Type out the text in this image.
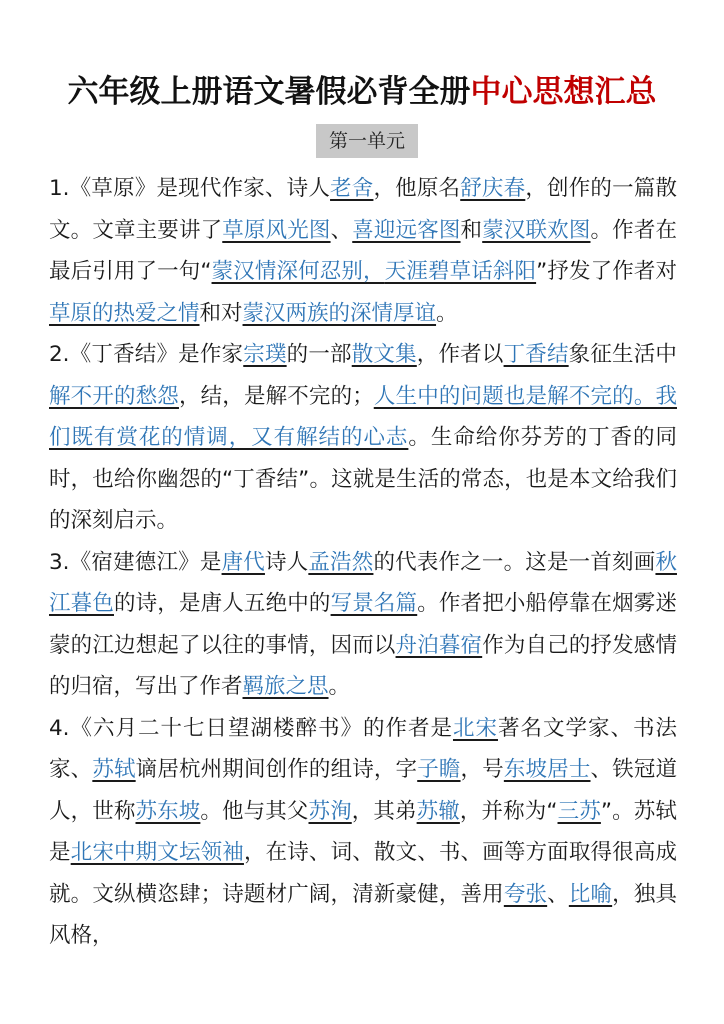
六年级上册语文暑假必背全册中心思想汇总
第一单元

1.《草原》是现代作家、诗人老舍，他原名舒庆春，创作的一篇散文。文章主要讲了草原风光图、喜迎远客图和蒙汉联欢图。作者在最后引用了一句“蒙汉情深何忍别，天涯碧草话斜阳”抒发了作者对草原的热爱之情和对蒙汉两族的深情厚谊。

2.《丁香结》是作家宗璞的一部散文集，作者以丁香结象征生活中解不开的愁怨，结，是解不完的；人生中的问题也是解不完的。我们既有赏花的情调，又有解结的心志。生命给你芬芳的丁香的同时，也给你幽怨的“丁香结”。这就是生活的常态，也是本文给我们的深刻启示。

3.《宿建德江》是唐代诗人孟浩然的代表作之一。这是一首刻画秋江暮色的诗，是唐人五绝中的写景名篇。作者把小船停靠在烟雾迷蒙的江边想起了以往的事情，因而以舟泊暮宿作为自己的抒发感情的归宿，写出了作者羁旅之思。

4.《六月二十七日望湖楼醉书》的作者是北宋著名文学家、书法家、苏轼谪居杭州期间创作的组诗，字子瞻，号东坡居士、铁冠道人，世称苏东坡。他与其父苏洵，其弟苏辙，并称为“三苏”。苏轼是北宋中期文坛领袖，在诗、词、散文、书、画等方面取得很高成就。文纵横恣肆；诗题材广阔，清新豪健，善用夸张、比喻，独具风格，
